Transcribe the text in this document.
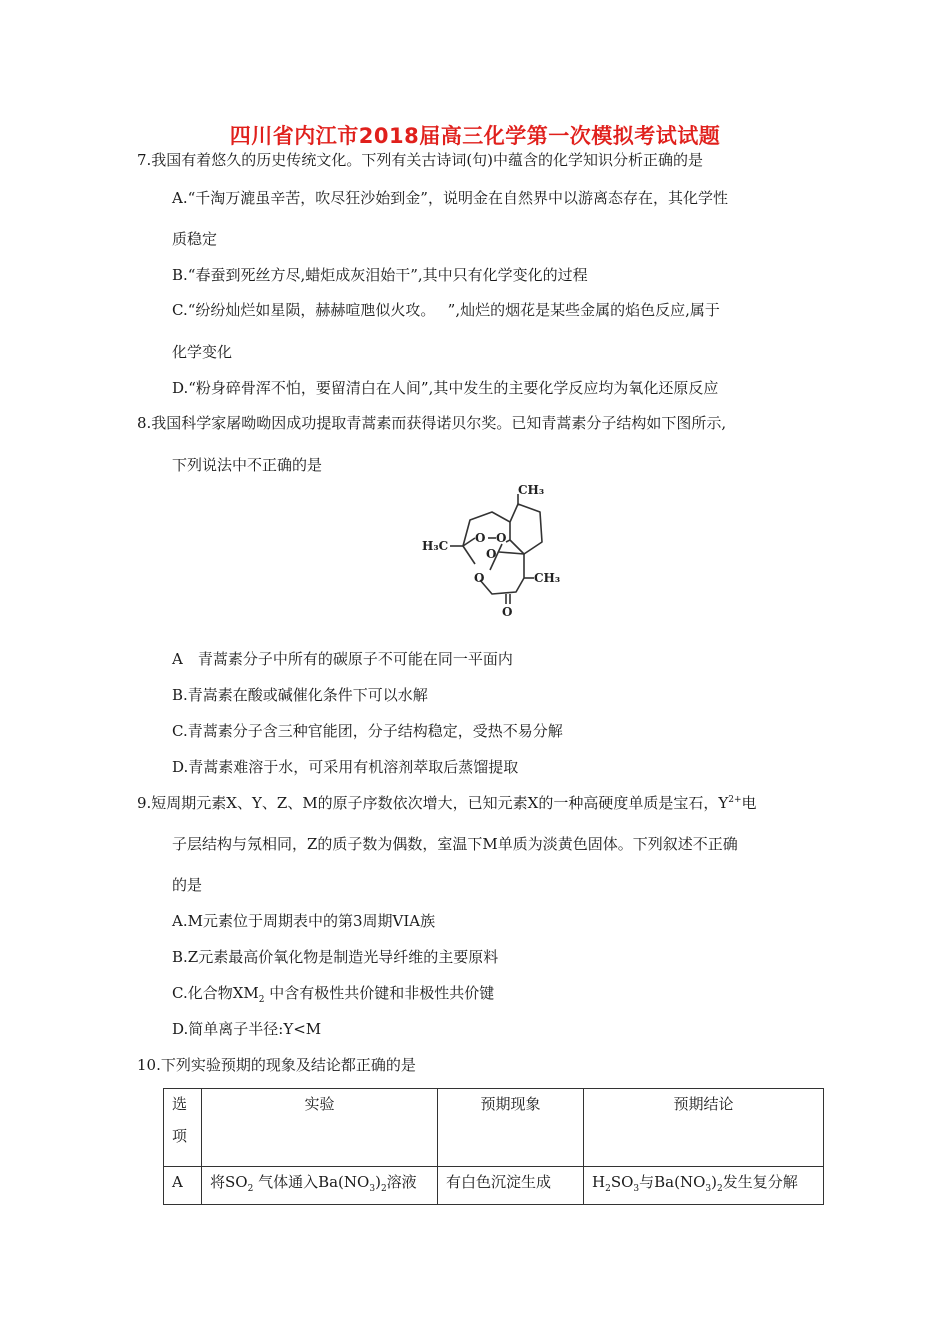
四川省内江市2018届高三化学第一次模拟考试试题
7.我国有着悠久的历史传统文化。下列有关古诗词(句)中蕴含的化学知识分析正确的是
A.“千淘万漉虽辛苦，吹尽狂沙始到金”，说明金在自然界中以游离态存在，其化学性
质稳定
B.“春蚕到死丝方尽,蜡炬成灰泪始干”,其中只有化学变化的过程
C.“纷纷灿烂如星陨，赫赫喧虺似火攻。　 ”,灿烂的烟花是某些金属的焰色反应,属于
化学变化
D.“粉身碎骨浑不怕，要留清白在人间”,其中发生的主要化学反应均为氧化还原反应
8.我国科学家屠呦呦因成功提取青蒿素而获得诺贝尔奖。已知青蒿素分子结构如下图所示,
下列说法中不正确的是
CH₃
H₃C
CH₃
O O
O
O
O
A　青蒿素分子中所有的碳原子不可能在同一平面内
B.青嵩素在酸或碱催化条件下可以水解
C.青蒿素分子含三种官能团，分子结构稳定，受热不易分解
D.青蒿素难溶于水，可采用有机溶剂萃取后蒸馏提取
9.短周期元素X、Y、Z、M的原子序数依次增大，已知元素X的一种高硬度单质是宝石，$Y^{2+}$电
子层结构与氖相同，Z的质子数为偶数，室温下M单质为淡黄色固体。下列叙述不正确
的是
A.M元素位于周期表中的第3周期VIA族
B.Z元素最高价氧化物是制造光导纤维的主要原料
C.化合物$XM_2$ 中含有极性共价键和非极性共价键
D.简单离子半径:Y<M
10.下列实验预期的现象及结论都正确的是
选
项	实验	预期现象	预期结论
A	将$SO_2$ 气体通入$Ba(NO_3)_2$溶液	有白色沉淀生成	$H_2SO_3$与$Ba(NO_3)_2$发生复分解
